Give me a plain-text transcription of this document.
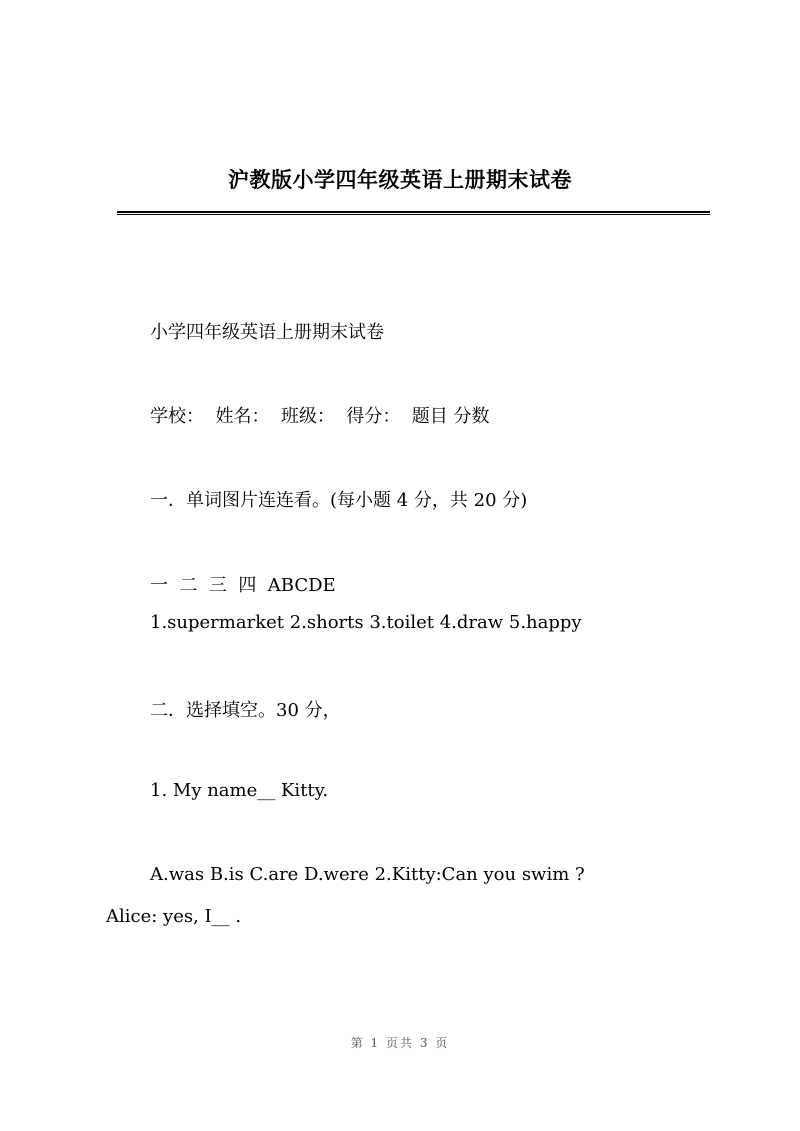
沪教版小学四年级英语上册期末试卷
小学四年级英语上册期末试卷
学校：  姓名：  班级：  得分：  题目 分数
一．单词图片连连看。(每小题 4 分，共 20 分)
一  二  三  四  ABCDE
1.supermarket 2.shorts 3.toilet 4.draw 5.happy
二．选择填空。30 分，
1. My name__ Kitty.
A.was B.is C.are D.were 2.Kitty:Can you swim ?
Alice: yes, I__ .
第 1 页共 3 页
